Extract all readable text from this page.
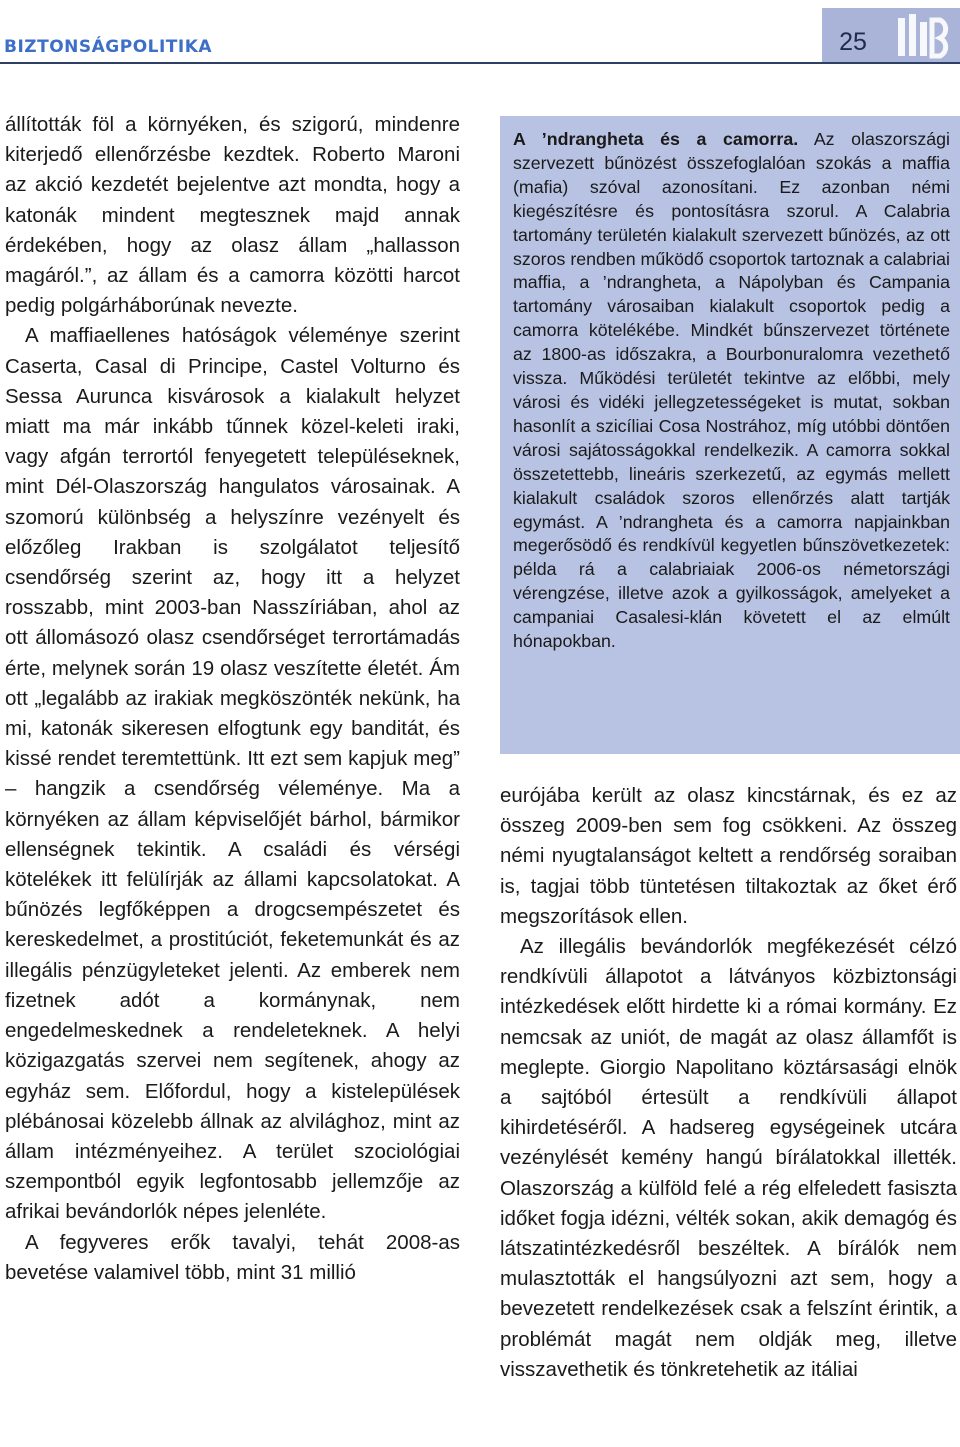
BIZTONSÁGPOLITIKA	25

állították föl a környéken, és szigorú, mindenre kiterjedő ellenőrzésbe kezdtek. Roberto Maroni az akció kezdetét bejelentve azt mondta, hogy a katonák mindent megtesznek majd annak érdekében, hogy az olasz állam „hallasson magáról.”, az állam és a camorra közötti harcot pedig polgárháborúnak nevezte.

A maffiaellenes hatóságok véleménye szerint Caserta, Casal di Principe, Castel Volturno és Sessa Aurunca kisvárosok a kialakult helyzet miatt ma már inkább tűnnek közel-keleti iraki, vagy afgán terrortól fenyegetett településeknek, mint Dél-Olaszország hangulatos városainak. A szomorú különbség a helyszínre vezényelt és előzőleg Irakban is szolgálatot teljesítő csendőrség szerint az, hogy itt a helyzet rosszabb, mint 2003-ban Nasszíriában, ahol az ott állomásozó olasz csendőrséget terrortámadás érte, melynek során 19 olasz veszítette életét. Ám ott „legalább az irakiak megköszönték nekünk, ha mi, katonák sikeresen elfogtunk egy banditát, és kissé rendet teremtettünk. Itt ezt sem kapjuk meg” – hangzik a csendőrség véleménye. Ma a környéken az állam képviselőjét bárhol, bármikor ellenségnek tekintik. A családi és vérségi kötelékek itt felülírják az állami kapcsolatokat. A bűnözés legfőképpen a drogcsempészetet és kereskedelmet, a prostitúciót, feketemunkát és az illegális pénzügyleteket jelenti. Az emberek nem fizetnek adót a kormánynak, nem engedelmeskednek a rendeleteknek. A helyi közigazgatás szervei nem segítenek, ahogy az egyház sem. Előfordul, hogy a kistelepülések plébánosai közelebb állnak az alvilághoz, mint az állam intézményeihez. A terület szociológiai szempontból egyik legfontosabb jellemzője az afrikai bevándorlók népes jelenléte.

A fegyveres erők tavalyi, tehát 2008-as bevetése valamivel több, mint 31 millió

A ’ndrangheta és a camorra. Az olaszországi szervezett bűnözést összefoglalóan szokás a maffia (mafia) szóval azonosítani. Ez azonban némi kiegészítésre és pontosításra szorul. A Calabria tartomány területén kialakult szervezett bűnözés, az ott szoros rendben működő csoportok tartoznak a calabriai maffia, a ’ndrangheta, a Nápolyban és Campania tartomány városaiban kialakult csoportok pedig a camorra kötelékébe. Mindkét bűnszervezet története az 1800-as időszakra, a Bourbonuralomra vezethető vissza. Működési területét tekintve az előbbi, mely városi és vidéki jellegzetességeket is mutat, sokban hasonlít a szicíliai Cosa Nostrához, míg utóbbi döntően városi sajátosságokkal rendelkezik. A camorra sokkal összetettebb, lineáris szerkezetű, az egymás mellett kialakult családok szoros ellenőrzés alatt tartják egymást. A ’ndrangheta és a camorra napjainkban megerősödő és rendkívül kegyetlen bűnszövetkezetek: példa rá a calabriaiak 2006-os németországi vérengzése, illetve azok a gyilkosságok, amelyeket a campaniai Casalesi-klán követett el az elmúlt hónapokban.

eurójába került az olasz kincstárnak, és ez az összeg 2009-ben sem fog csökkeni. Az összeg némi nyugtalanságot keltett a rendőrség soraiban is, tagjai több tüntetésen tiltakoztak az őket érő megszorítások ellen.

Az illegális bevándorlók megfékezését célzó rendkívüli állapotot a látványos közbiztonsági intézkedések előtt hirdette ki a római kormány. Ez nemcsak az uniót, de magát az olasz államfőt is meglepte. Giorgio Napolitano köztársasági elnök a sajtóból értesült a rendkívüli állapot kihirdetéséről. A hadsereg egységeinek utcára vezénylését kemény hangú bírálatokkal illették. Olaszország a külföld felé a rég elfeledett fasiszta időket fogja idézni, vélték sokan, akik demagóg és látszatintézkedésről beszéltek. A bírálók nem mulasztották el hangsúlyozni azt sem, hogy a bevezetett rendelkezések csak a felszínt érintik, a problémát magát nem oldják meg, illetve visszavethetik és tönkretehetik az itáliai
